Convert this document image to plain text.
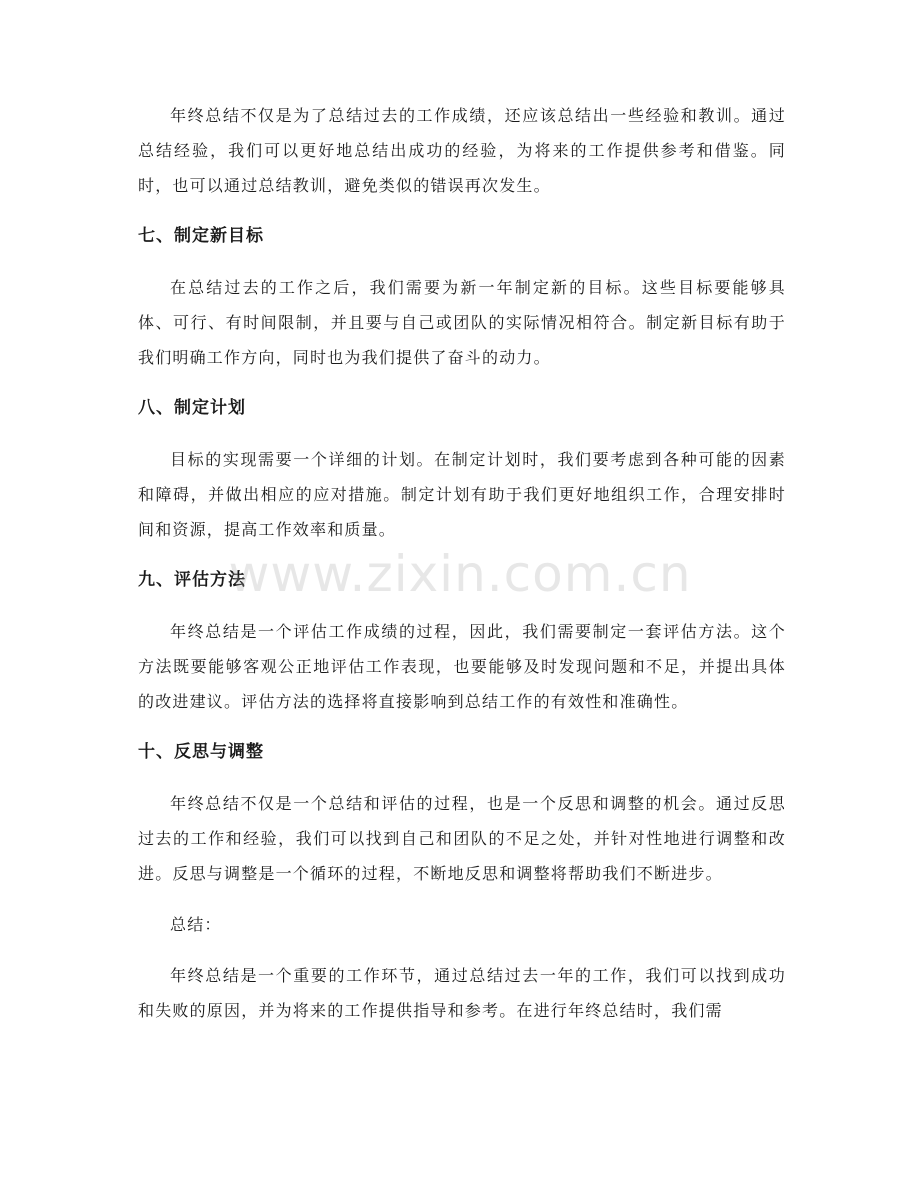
年终总结不仅是为了总结过去的工作成绩，还应该总结出一些经验和教训。通过总结经验，我们可以更好地总结出成功的经验，为将来的工作提供参考和借鉴。同时，也可以通过总结教训，避免类似的错误再次发生。

七、制定新目标

在总结过去的工作之后，我们需要为新一年制定新的目标。这些目标要能够具体、可行、有时间限制，并且要与自己或团队的实际情况相符合。制定新目标有助于我们明确工作方向，同时也为我们提供了奋斗的动力。

八、制定计划

目标的实现需要一个详细的计划。在制定计划时，我们要考虑到各种可能的因素和障碍，并做出相应的应对措施。制定计划有助于我们更好地组织工作，合理安排时间和资源，提高工作效率和质量。

九、评估方法

年终总结是一个评估工作成绩的过程，因此，我们需要制定一套评估方法。这个方法既要能够客观公正地评估工作表现，也要能够及时发现问题和不足，并提出具体的改进建议。评估方法的选择将直接影响到总结工作的有效性和准确性。

十、反思与调整

年终总结不仅是一个总结和评估的过程，也是一个反思和调整的机会。通过反思过去的工作和经验，我们可以找到自己和团队的不足之处，并针对性地进行调整和改进。反思与调整是一个循环的过程，不断地反思和调整将帮助我们不断进步。

总结：

年终总结是一个重要的工作环节，通过总结过去一年的工作，我们可以找到成功和失败的原因，并为将来的工作提供指导和参考。在进行年终总结时，我们需

www.zixin.com.cn
